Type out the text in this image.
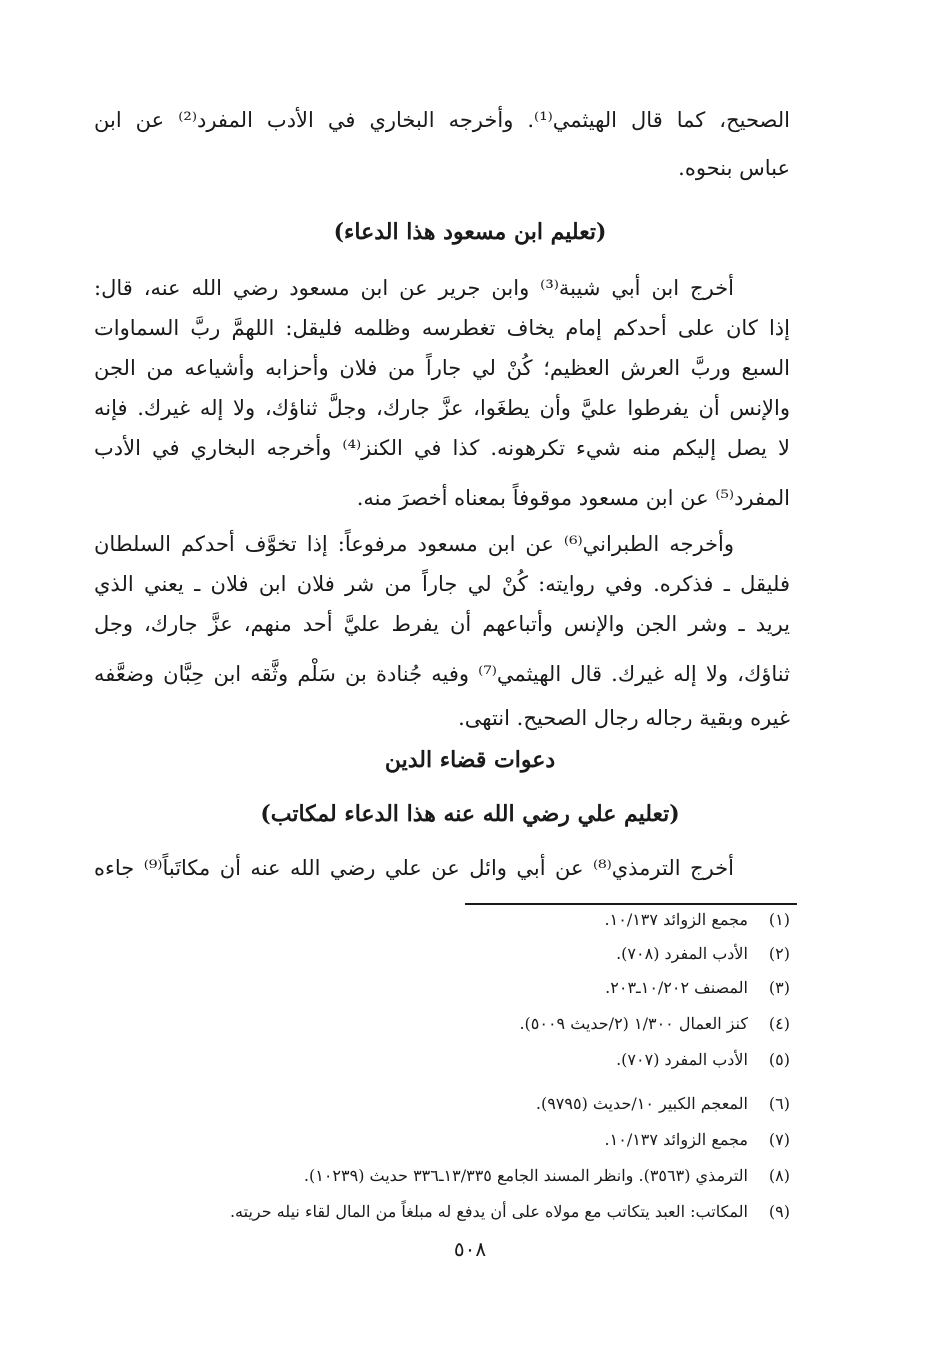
الصحيح، كما قال الهيثمي⁽¹⁾. وأخرجه البخاري في الأدب المفرد⁽²⁾ عن ابن
عباس بنحوه.
(تعليم ابن مسعود هذا الدعاء)
أخرج ابن أبي شيبة⁽³⁾ وابن جرير عن ابن مسعود رضي الله عنه، قال:
إذا كان على أحدكم إمام يخاف تغطرسه وظلمه فليقل: اللهمَّ ربَّ السماوات
السبع وربَّ العرش العظيم؛ كُنْ لي جاراً من فلان وأحزابه وأشياعه من الجن
والإنس أن يفرطوا عليَّ وأن يطغَوا، عزَّ جارك، وجلَّ ثناؤك، ولا إله غيرك. فإنه
لا يصل إليكم منه شيء تكرهونه. كذا في الكنز⁽⁴⁾ وأخرجه البخاري في الأدب
المفرد⁽⁵⁾ عن ابن مسعود موقوفاً بمعناه أخصرَ منه.
وأخرجه الطبراني⁽⁶⁾ عن ابن مسعود مرفوعاً: إذا تخوَّف أحدكم السلطان
فليقل ـ فذكره. وفي روايته: كُنْ لي جاراً من شر فلان ابن فلان ـ يعني الذي
يريد ـ وشر الجن والإنس وأتباعهم أن يفرط عليَّ أحد منهم، عزَّ جارك، وجل
ثناؤك، ولا إله غيرك. قال الهيثمي⁽⁷⁾ وفيه جُنادة بن سَلْم وثَّقه ابن حِبَّان وضعَّفه
غيره وبقية رجاله رجال الصحيح. انتهى.
دعوات قضاء الدين
(تعليم علي رضي الله عنه هذا الدعاء لمكاتب)
أخرج الترمذي⁽⁸⁾ عن أبي وائل عن علي رضي الله عنه أن مكاتَباً⁽⁹⁾ جاءه
(١)مجمع الزوائد ١٠/١٣٧.
(٢)الأدب المفرد (٧٠٨).
(٣)المصنف ١٠/٢٠٢ـ٢٠٣.
(٤)كنز العمال ١/٣٠٠ (٢/حديث ٥٠٠٩).
(٥)الأدب المفرد (٧٠٧).
(٦)المعجم الكبير ١٠/حديث (٩٧٩٥).
(٧)مجمع الزوائد ١٠/١٣٧.
(٨)الترمذي (٣٥٦٣). وانظر المسند الجامع ١٣/٣٣٥ـ٣٣٦ حديث (١٠٢٣٩).
(٩)المكاتب: العبد يتكاتب مع مولاه على أن يدفع له مبلغاً من المال لقاء نيله حريته.
٥٠٨
